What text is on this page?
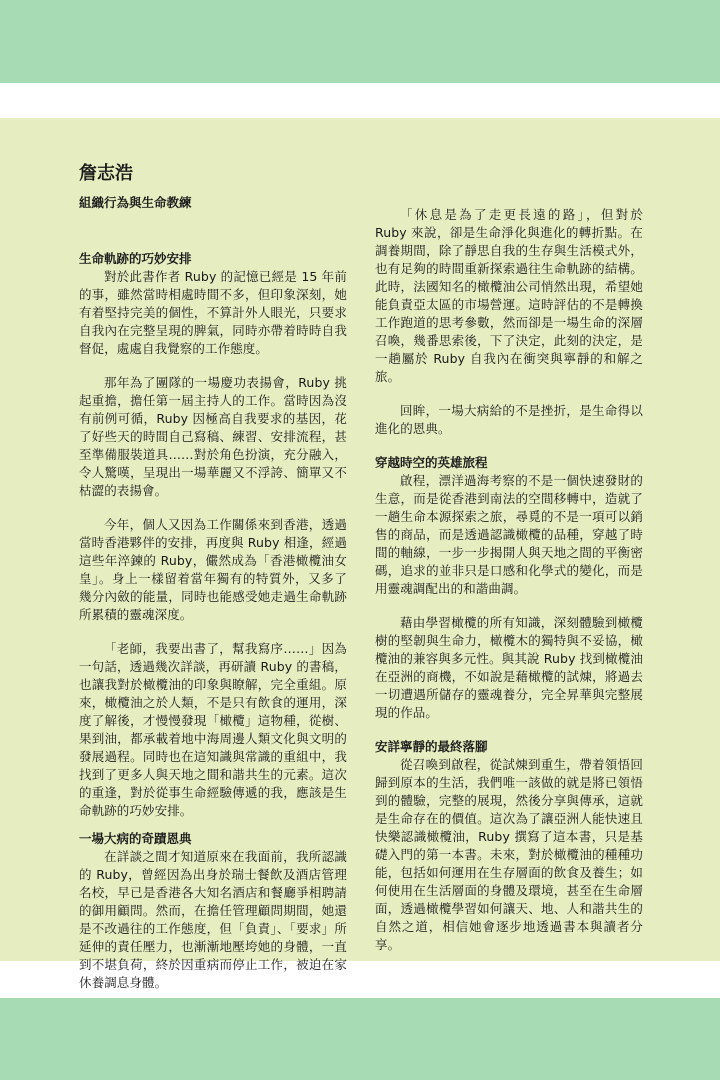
詹志浩
組織行為與生命教練
生命軌跡的巧妙安排

對於此書作者 Ruby 的記憶已經是 15 年前的事，雖然當時相處時間不多，但印象深刻，她有着堅持完美的個性，不算計外人眼光，只要求自我內在完整呈現的脾氣，同時亦帶着時時自我督促，處處自我覺察的工作態度。

那年為了團隊的一場慶功表揚會，Ruby 挑起重擔，擔任第一屆主持人的工作。當時因為沒有前例可循，Ruby 因極高自我要求的基因，花了好些天的時間自己寫稿、練習、安排流程，甚至準備服裝道具……對於角色扮演，充分融入，令人驚嘆，呈現出一場華麗又不浮誇、簡單又不枯澀的表揚會。

今年，個人又因為工作關係來到香港，透過當時香港夥伴的安排，再度與 Ruby 相逢，經過這些年淬鍊的 Ruby，儼然成為「香港橄欖油女皇」。身上一樣留着當年獨有的特質外，又多了幾分內斂的能量，同時也能感受她走過生命軌跡所累積的靈魂深度。

「老師，我要出書了，幫我寫序……」因為一句話，透過幾次詳談，再研讀 Ruby 的書稿，也讓我對於橄欖油的印象與瞭解，完全重組。原來，橄欖油之於人類，不是只有飲食的運用，深度了解後，才慢慢發現「橄欖」這物種，從樹、果到油，都承載着地中海周邊人類文化與文明的發展過程。同時也在這知識與常識的重組中，我找到了更多人與天地之間和諧共生的元素。這次的重逢，對於從事生命經驗傳遞的我，應該是生命軌跡的巧妙安排。

一場大病的奇蹟恩典

在詳談之間才知道原來在我面前，我所認識的 Ruby，曾經因為出身於瑞士餐飲及酒店管理名校，早已是香港各大知名酒店和餐廳爭相聘請的御用顧問。然而，在擔任管理顧問期間，她還是不改過往的工作態度，但「負責」、「要求」所延伸的責任壓力，也漸漸地壓垮她的身體，一直到不堪負荷，終於因重病而停止工作，被迫在家休養調息身體。

「休息是為了走更長遠的路」，但對於 Ruby 來說，卻是生命淨化與進化的轉折點。在調養期間，除了靜思自我的生存與生活模式外，也有足夠的時間重新探索過往生命軌跡的結構。此時，法國知名的橄欖油公司悄然出現，希望她能負責亞太區的市場營運。這時評估的不是轉換工作跑道的思考參數，然而卻是一場生命的深層召喚，幾番思索後，下了決定，此刻的決定，是一趟屬於 Ruby 自我內在衝突與寧靜的和解之旅。

回眸，一場大病給的不是挫折，是生命得以進化的恩典。

穿越時空的英雄旅程

啟程，漂洋過海考察的不是一個快速發財的生意，而是從香港到南法的空間移轉中，造就了一趟生命本源探索之旅，尋覓的不是一項可以銷售的商品，而是透過認識橄欖的品種，穿越了時間的軸線，一步一步揭開人與天地之間的平衡密碼，追求的並非只是口感和化學式的變化，而是用靈魂調配出的和諧曲調。

藉由學習橄欖的所有知識，深刻體驗到橄欖樹的堅韌與生命力，橄欖木的獨特與不妥協，橄欖油的兼容與多元性。與其說 Ruby 找到橄欖油在亞洲的商機，不如說是藉橄欖的試煉，將過去一切遭遇所儲存的靈魂養分，完全昇華與完整展現的作品。

安詳寧靜的最終落腳

從召喚到啟程，從試煉到重生，帶着領悟回歸到原本的生活，我們唯一該做的就是將已領悟到的體驗，完整的展現，然後分享與傳承，這就是生命存在的價值。這次為了讓亞洲人能快速且快樂認識橄欖油，Ruby 撰寫了這本書，只是基礎入門的第一本書。未來，對於橄欖油的種種功能，包括如何運用在生存層面的飲食及養生；如何使用在生活層面的身體及環境，甚至在生命層面，透過橄欖學習如何讓天、地、人和諧共生的自然之道，相信她會逐步地透過書本與讀者分享。
